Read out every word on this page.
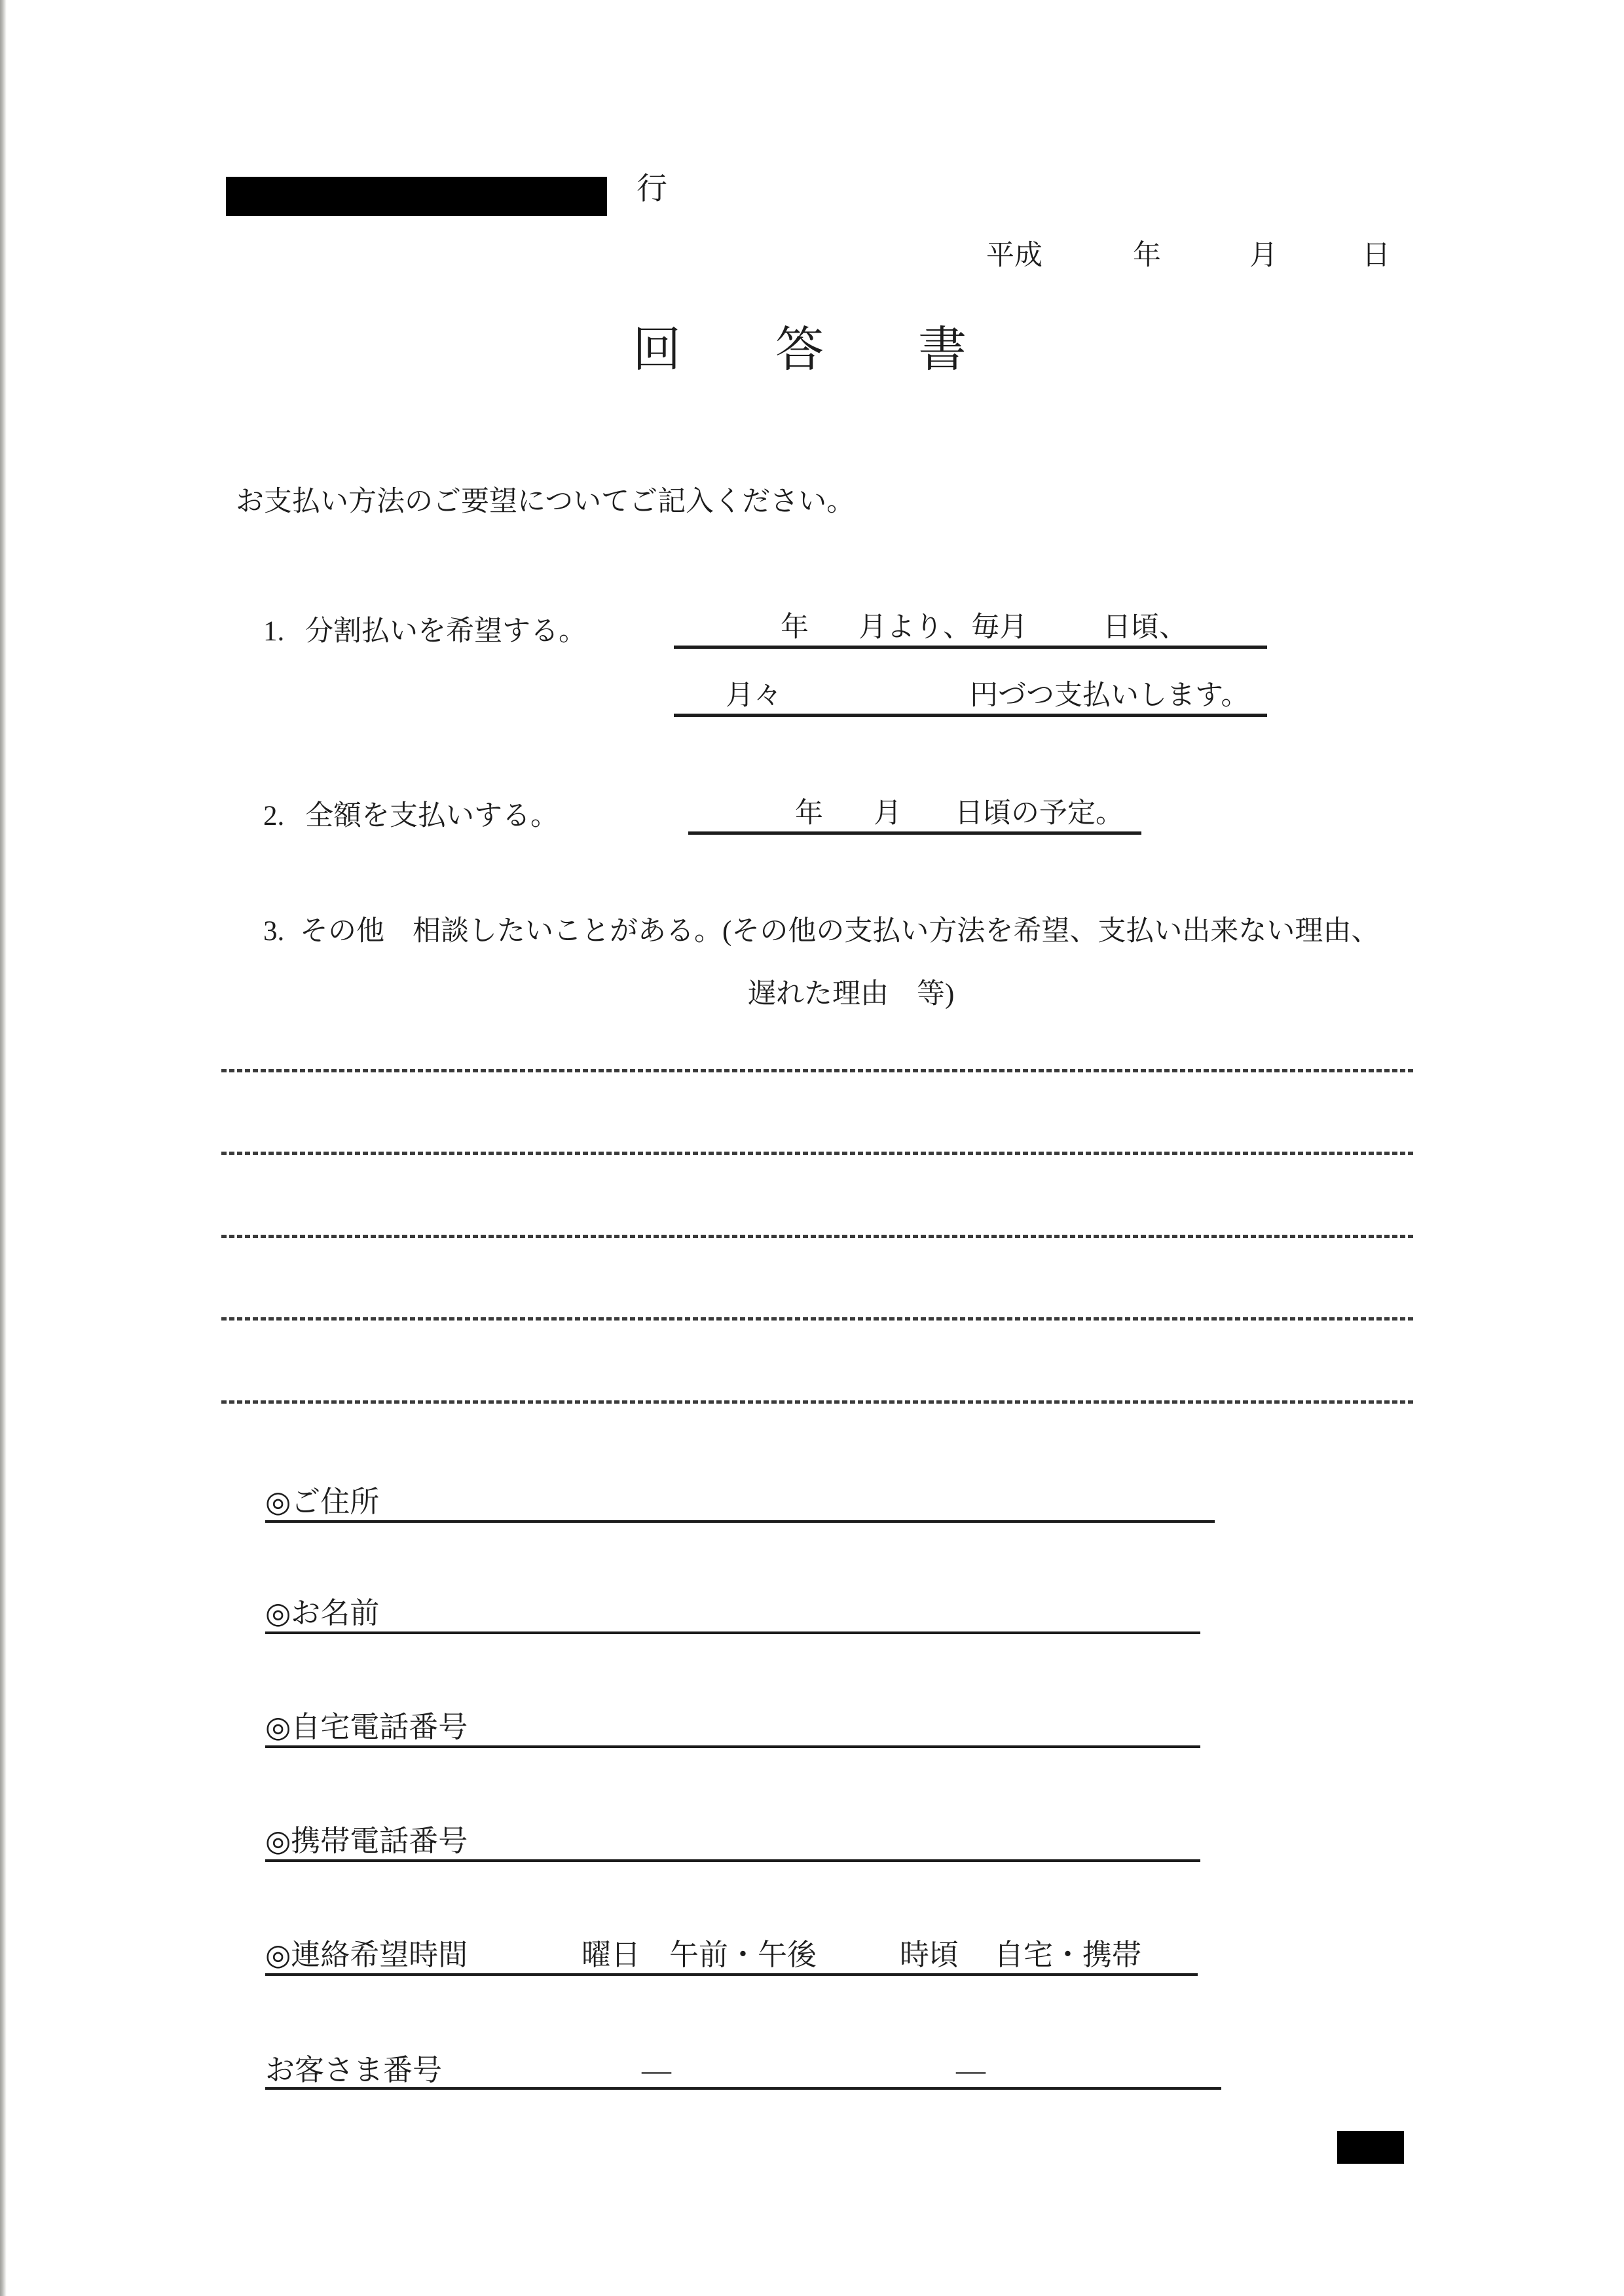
行
平成	年	月	日
回答書
お支払い方法のご要望についてご記入ください。
1. 分割払いを希望する。	年 月より、毎月	日頃、
月々	円づつ支払いします。
2. 全額を支払いする。	年 月 日頃の予定。
3. その他　相談したいことがある。(その他の支払い方法を希望、支払い出来ない理由、
遅れた理由　等)
◎ご住所
◎お名前
◎自宅電話番号
◎携帯電話番号
◎連絡希望時間	曜日 午前・午後	時頃 自宅・携帯
お客さま番号	―	―
